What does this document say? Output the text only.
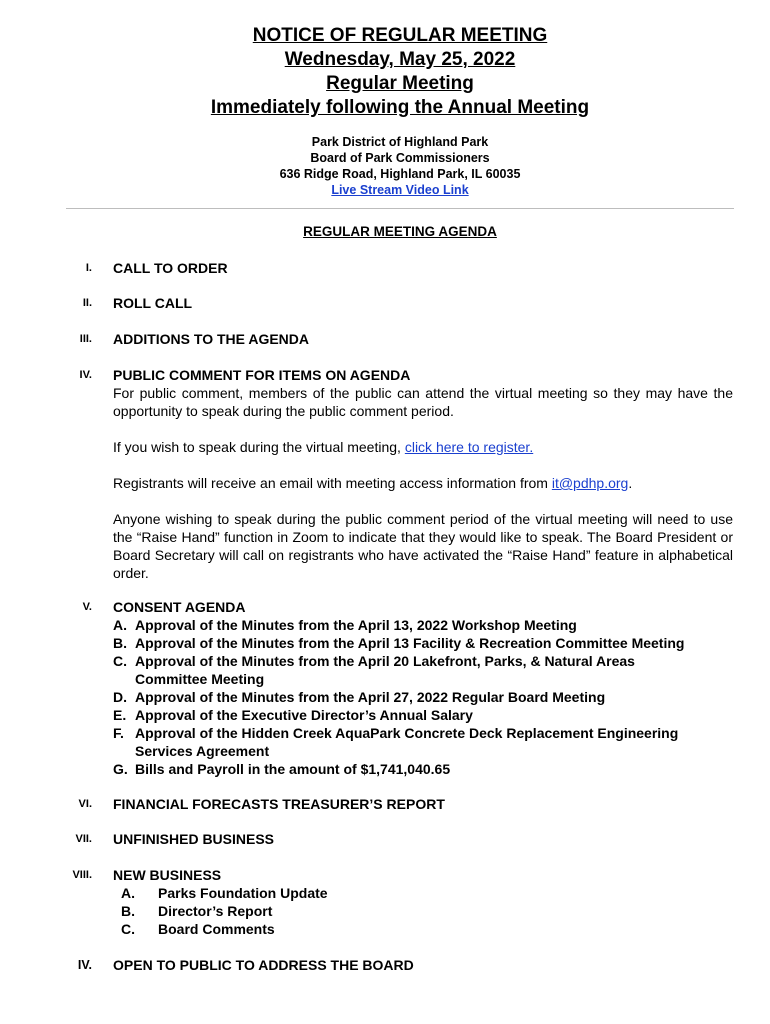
NOTICE OF REGULAR MEETING
Wednesday, May 25, 2022
Regular Meeting
Immediately following the Annual Meeting
Park District of Highland Park
Board of Park Commissioners
636 Ridge Road, Highland Park, IL 60035
Live Stream Video Link
REGULAR MEETING AGENDA
I. CALL TO ORDER
II. ROLL CALL
III. ADDITIONS TO THE AGENDA
IV. PUBLIC COMMENT FOR ITEMS ON AGENDA
For public comment, members of the public can attend the virtual meeting so they may have the opportunity to speak during the public comment period.
If you wish to speak during the virtual meeting, click here to register.
Registrants will receive an email with meeting access information from it@pdhp.org.
Anyone wishing to speak during the public comment period of the virtual meeting will need to use the “Raise Hand” function in Zoom to indicate that they would like to speak. The Board President or Board Secretary will call on registrants who have activated the “Raise Hand” feature in alphabetical order.
V. CONSENT AGENDA
A. Approval of the Minutes from the April 13, 2022 Workshop Meeting
B. Approval of the Minutes from the April 13 Facility & Recreation Committee Meeting
C. Approval of the Minutes from the April 20 Lakefront, Parks, & Natural Areas
Committee Meeting
D. Approval of the Minutes from the April 27, 2022 Regular Board Meeting
E. Approval of the Executive Director’s Annual Salary
F. Approval of the Hidden Creek AquaPark Concrete Deck Replacement Engineering
Services Agreement
G. Bills and Payroll in the amount of $1,741,040.65
VI. FINANCIAL FORECASTS TREASURER’S REPORT
VII. UNFINISHED BUSINESS
VIII. NEW BUSINESS
A. Parks Foundation Update
B. Director’s Report
C. Board Comments
IV. OPEN TO PUBLIC TO ADDRESS THE BOARD
